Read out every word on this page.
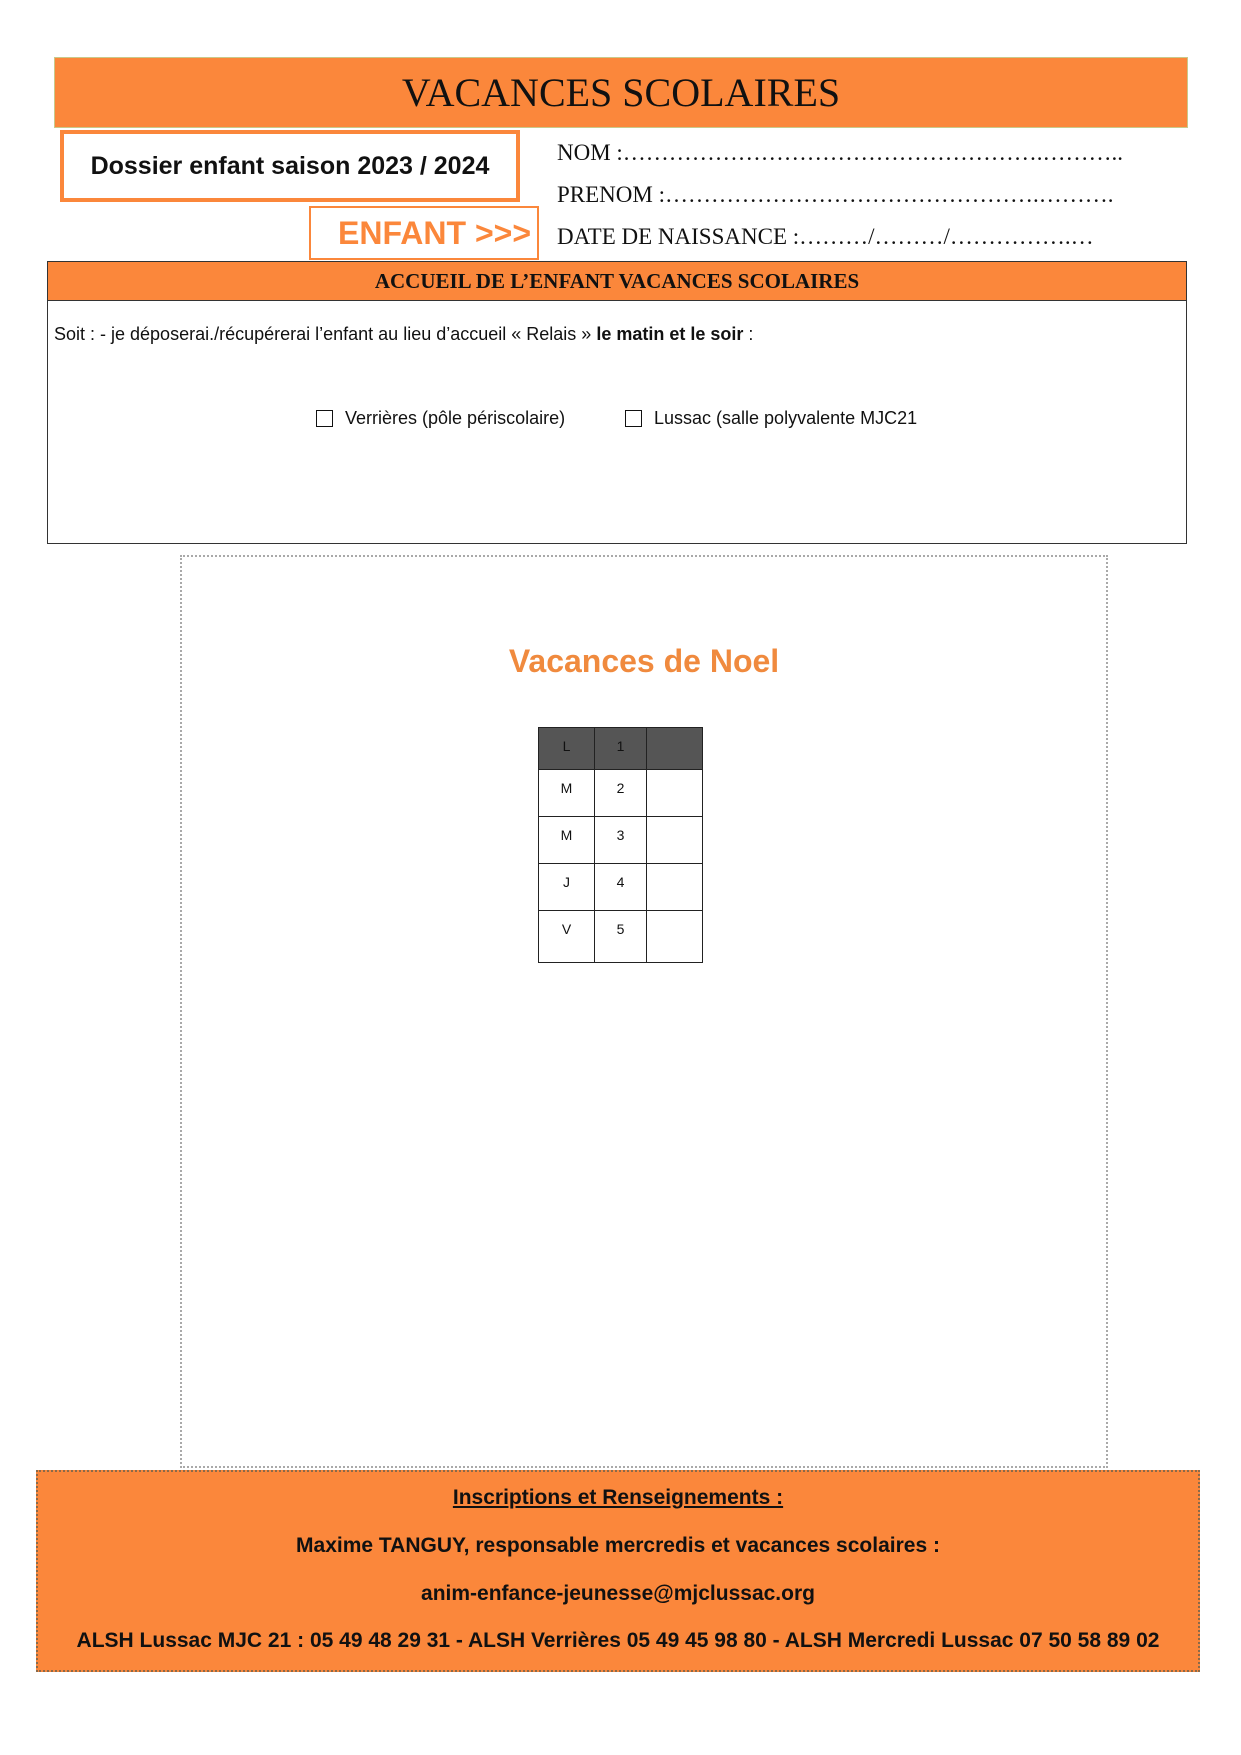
VACANCES SCOLAIRES
Dossier enfant saison 2023 / 2024
ENFANT >>>
NOM :……………………………………………….………..
PRENOM :………………………………………….……….
DATE DE NAISSANCE :………/………/…………….…
ACCUEIL DE L’ENFANT VACANCES SCOLAIRES
Soit : - je déposerai./récupérerai l’enfant au lieu d’accueil « Relais » le matin et le soir :
Verrières (pôle périscolaire)	Lussac (salle polyvalente MJC21
Vacances de Noel
L	1	
M	2	
M	3	
J	4	
V	5	
Inscriptions et Renseignements :
Maxime TANGUY, responsable mercredis et vacances scolaires :
anim-enfance-jeunesse@mjclussac.org
ALSH Lussac MJC 21 : 05 49 48 29 31 - ALSH Verrières 05 49 45 98 80 - ALSH Mercredi Lussac 07 50 58 89 02
